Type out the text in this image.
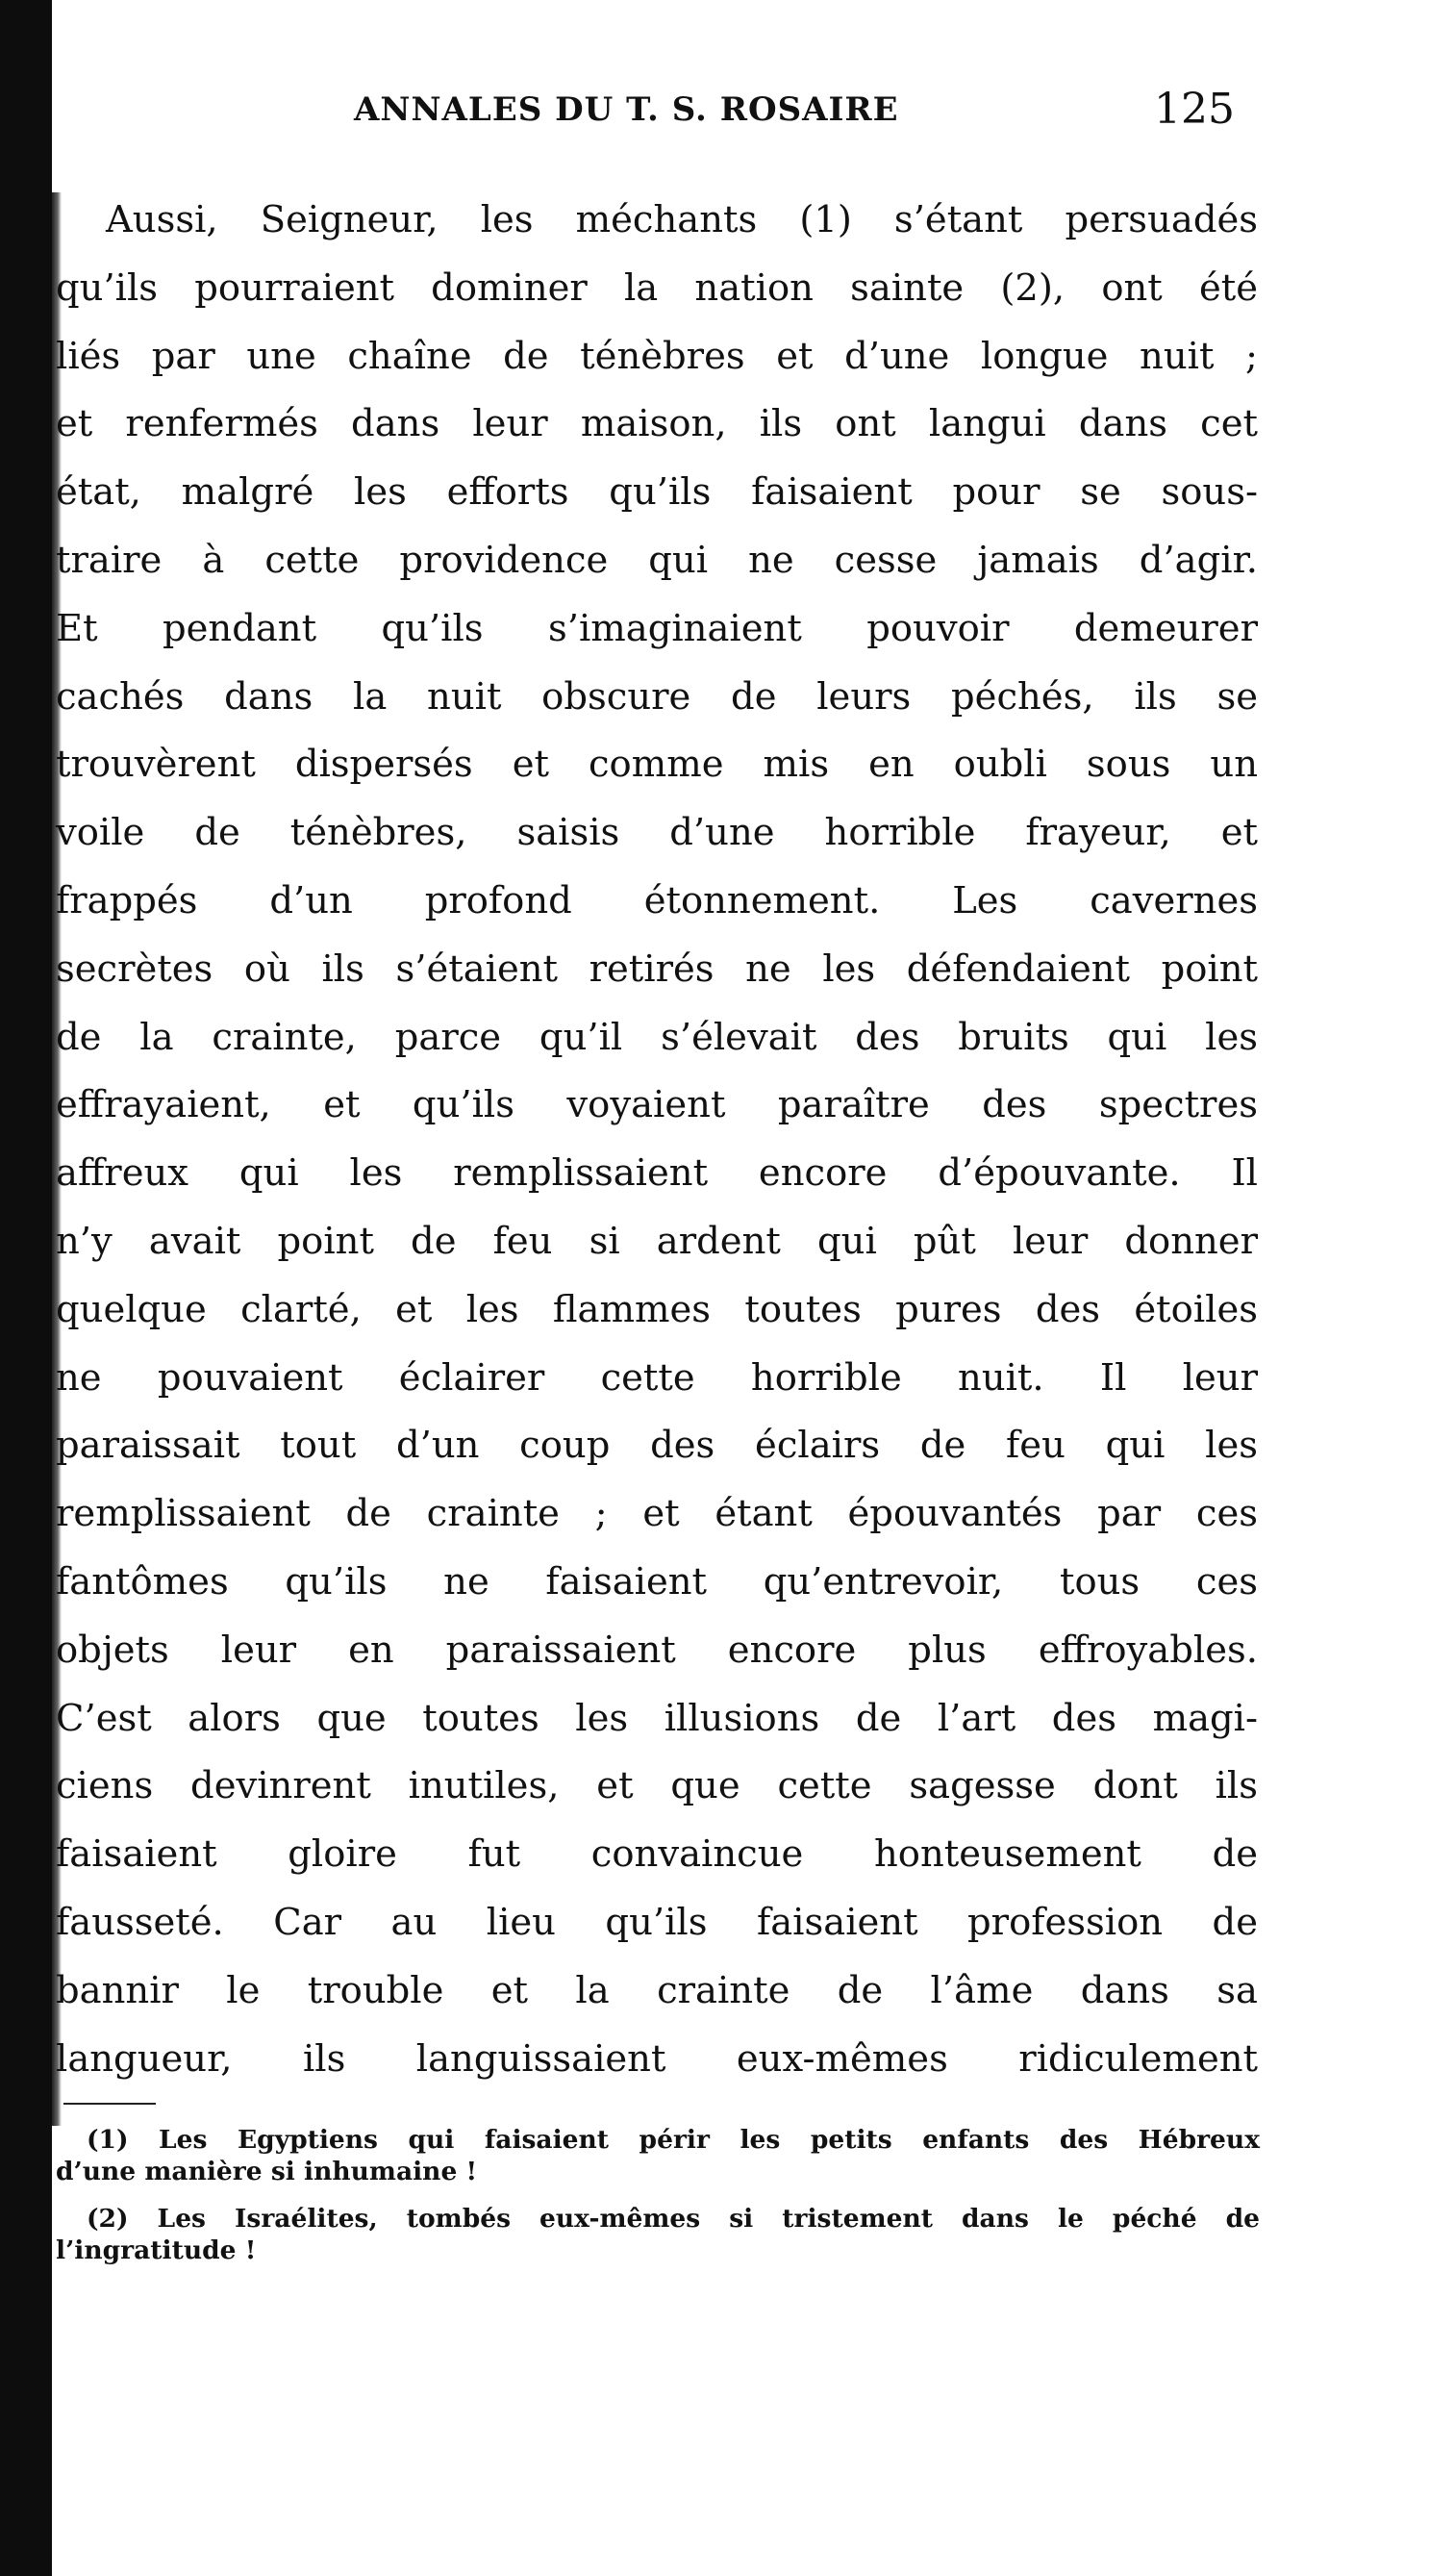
ANNALES DU T. S. ROSAIRE	125
Aussi, Seigneur, les méchants (1) s’étant persuadés
qu’ils pourraient dominer la nation sainte (2), ont été
liés par une chaîne de ténèbres et d’une longue nuit ;
et renfermés dans leur maison, ils ont langui dans cet
état, malgré les efforts qu’ils faisaient pour se sous-
traire à cette providence qui ne cesse jamais d’agir.
Et pendant qu’ils s’imaginaient pouvoir demeurer
cachés dans la nuit obscure de leurs péchés, ils se
trouvèrent dispersés et comme mis en oubli sous un
voile de ténèbres, saisis d’une horrible frayeur, et
frappés d’un profond étonnement. Les cavernes
secrètes où ils s’étaient retirés ne les défendaient point
de la crainte, parce qu’il s’élevait des bruits qui les
effrayaient, et qu’ils voyaient paraître des spectres
affreux qui les remplissaient encore d’épouvante. Il
n’y avait point de feu si ardent qui pût leur donner
quelque clarté, et les flammes toutes pures des étoiles
ne pouvaient éclairer cette horrible nuit. Il leur
paraissait tout d’un coup des éclairs de feu qui les
remplissaient de crainte ; et étant épouvantés par ces
fantômes qu’ils ne faisaient qu’entrevoir, tous ces
objets leur en paraissaient encore plus effroyables.
C’est alors que toutes les illusions de l’art des magi-
ciens devinrent inutiles, et que cette sagesse dont ils
faisaient gloire fut convaincue honteusement de
fausseté. Car au lieu qu’ils faisaient profession de
bannir le trouble et la crainte de l’âme dans sa
langueur, ils languissaient eux-mêmes ridiculement
(1) Les Egyptiens qui faisaient périr les petits enfants des Hébreux
d’une manière si inhumaine !
(2) Les Israélites, tombés eux-mêmes si tristement dans le péché de
l’ingratitude !
